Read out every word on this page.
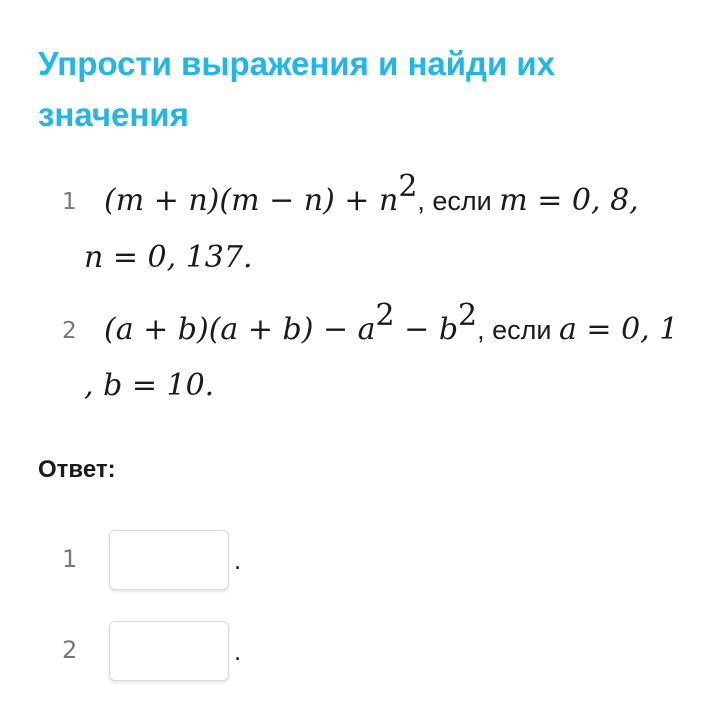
Упрости выражения и найди их значения
1 $(m + n)(m - n) + n^2$, если m = 0, 8,
n = 0, 137.
2 $(a + b)(a + b) - a^2 - b^2$, если a = 0, 1
, b = 10.
Ответ:
1	.
2	.
